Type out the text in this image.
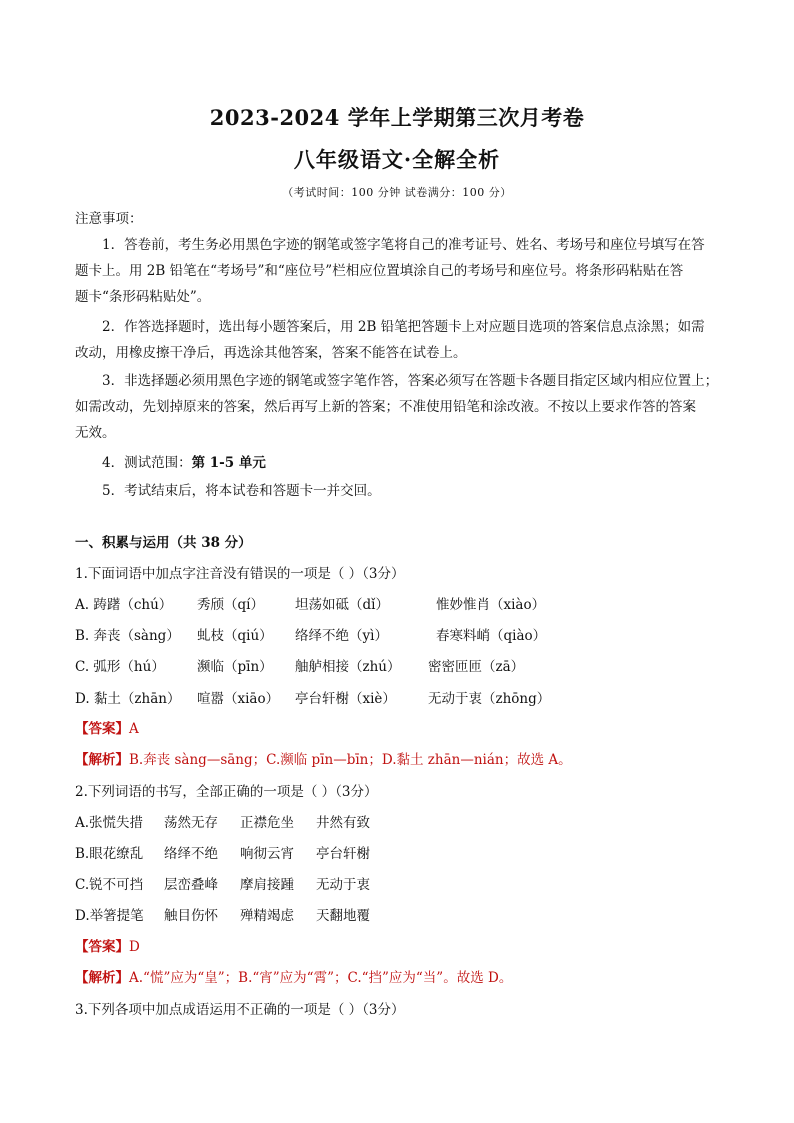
2023-2024 学年上学期第三次月考卷
八年级语文·全解全析
（考试时间：100 分钟 试卷满分：100 分）
注意事项：
1．答卷前，考生务必用黑色字迹的钢笔或签字笔将自己的准考证号、姓名、考场号和座位号填写在答
题卡上。用 2B 铅笔在“考场号”和“座位号”栏相应位置填涂自己的考场号和座位号。将条形码粘贴在答
题卡“条形码粘贴处”。
2．作答选择题时，选出每小题答案后，用 2B 铅笔把答题卡上对应题目选项的答案信息点涂黑；如需
改动，用橡皮擦干净后，再选涂其他答案，答案不能答在试卷上。
3．非选择题必须用黑色字迹的钢笔或签字笔作答，答案必须写在答题卡各题目指定区域内相应位置上；
如需改动，先划掉原来的答案，然后再写上新的答案；不准使用铅笔和涂改液。不按以上要求作答的答案
无效。
4．测试范围：第 1-5 单元
5．考试结束后，将本试卷和答题卡一并交回。
一、积累与运用（共 38 分）
1.下面词语中加点字注音没有错误的一项是（ ）（3分）
A. 踌躇（chú） 秀颀（qí） 坦荡如砥（dǐ）	惟妙惟肖（xiào）
B. 奔丧（sàng） 虬枝（qiú） 络绎不绝（yì）	春寒料峭（qiào）
C. 弧形（hú） 濒临（pīn） 舳舻相接（zhú） 密密匝匝（zā）
D. 黏土（zhān） 喧嚣（xiāo） 亭台轩榭（xiè） 无动于衷（zhōng）
【答案】A
【解析】B.奔丧 sàng—sāng；C.濒临 pīn—bīn；D.黏土 zhān—nián；故选 A。
2.下列词语的书写，全部正确的一项是（ ）（3分）
A.张慌失措 荡然无存 正襟危坐 井然有致
B.眼花缭乱 络绎不绝 响彻云宵 亭台轩榭
C.锐不可挡 层峦叠峰 摩肩接踵 无动于衷
D.举箸提笔 触目伤怀 殚精竭虑 天翻地覆
【答案】D
【解析】A.“慌”应为“皇”；B.“宵”应为“霄”；C.“挡”应为“当”。故选 D。
3.下列各项中加点成语运用不正确的一项是（ ）（3分）
